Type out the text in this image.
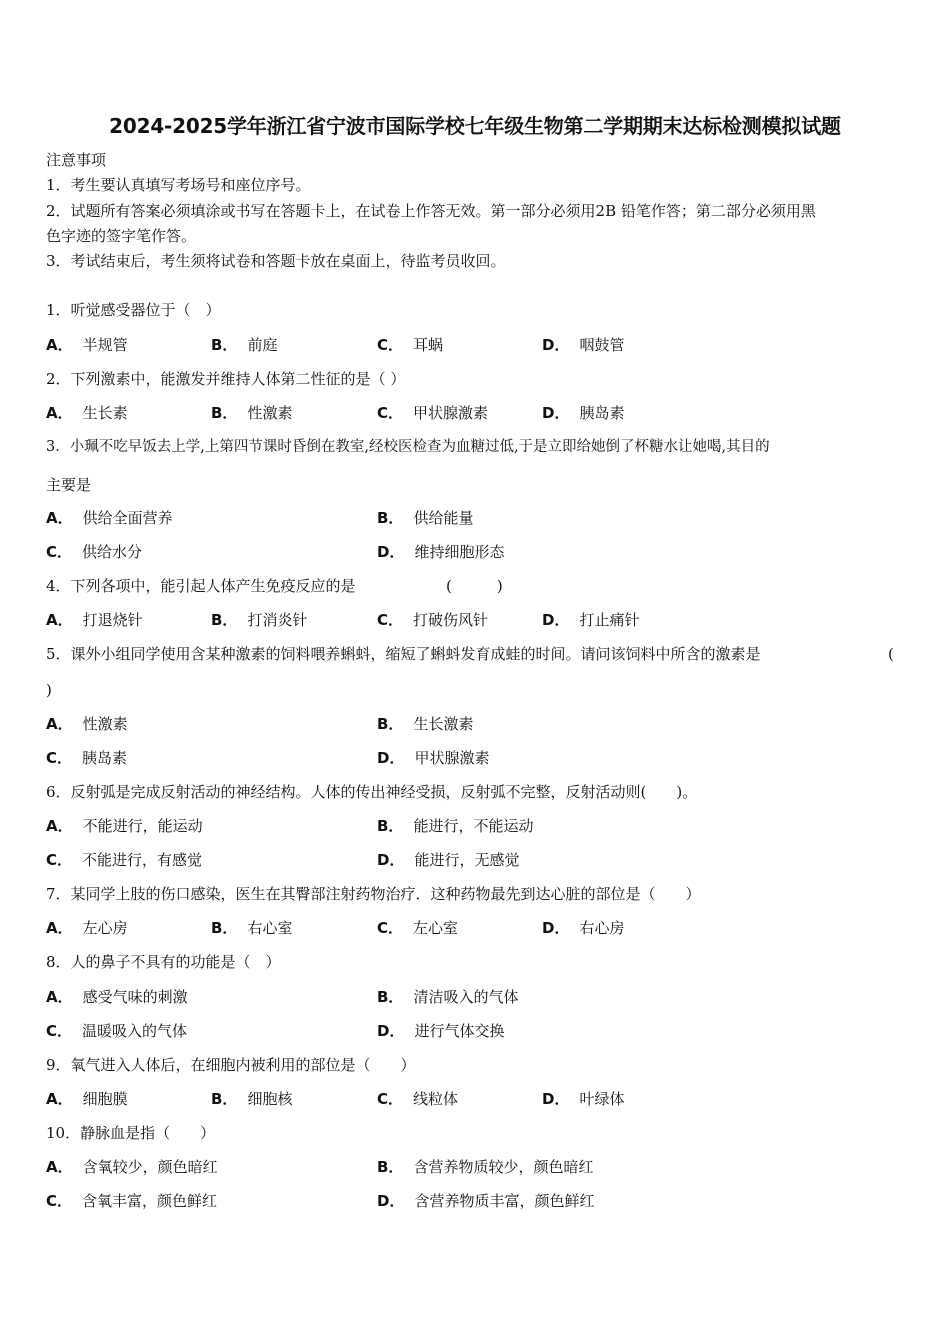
2024-2025学年浙江省宁波市国际学校七年级生物第二学期期末达标检测模拟试题
注意事项
1．考生要认真填写考场号和座位序号。
2．试题所有答案必须填涂或书写在答题卡上，在试卷上作答无效。第一部分必须用2B 铅笔作答；第二部分必须用黑
色字迹的签字笔作答。
3．考试结束后，考生须将试卷和答题卡放在桌面上，待监考员收回。
1．听觉感受器位于（　）
A． 半规管	B． 前庭	C． 耳蜗	D． 咽鼓管
2．下列激素中，能激发并维持人体第二性征的是（ ）
A． 生长素	B． 性激素	C． 甲状腺激素	D． 胰岛素
3．小珮不吃早饭去上学,上第四节课时昏倒在教室,经校医检查为血糖过低,于是立即给她倒了杯糖水让她喝,其目的
主要是
A． 供给全面营养	B． 供给能量
C． 供给水分	D． 维持细胞形态
4．下列各项中，能引起人体产生免疫反应的是	(　　　)
A． 打退烧针	B． 打消炎针	C． 打破伤风针	D． 打止痛针
5．课外小组同学使用含某种激素的饲料喂养蝌蚪，缩短了蝌蚪发育成蛙的时间。请问该饲料中所含的激素是	(
)
A． 性激素	B． 生长激素
C． 胰岛素	D． 甲状腺激素
6．反射弧是完成反射活动的神经结构。人体的传出神经受损，反射弧不完整，反射活动则(　　)。
A． 不能进行，能运动	B． 能进行，不能运动
C． 不能进行，有感觉	D． 能进行，无感觉
7．某同学上肢的伤口感染，医生在其臀部注射药物治疗．这种药物最先到达心脏的部位是（　　）
A． 左心房	B． 右心室	C． 左心室	D． 右心房
8．人的鼻子不具有的功能是（　）
A． 感受气味的刺激	B． 清洁吸入的气体
C． 温暖吸入的气体	D． 进行气体交换
9．氧气进入人体后，在细胞内被利用的部位是（　　）
A． 细胞膜	B． 细胞核	C． 线粒体	D． 叶绿体
10．静脉血是指（　　）
A． 含氧较少，颜色暗红	B． 含营养物质较少，颜色暗红
C． 含氧丰富，颜色鲜红	D． 含营养物质丰富，颜色鲜红
